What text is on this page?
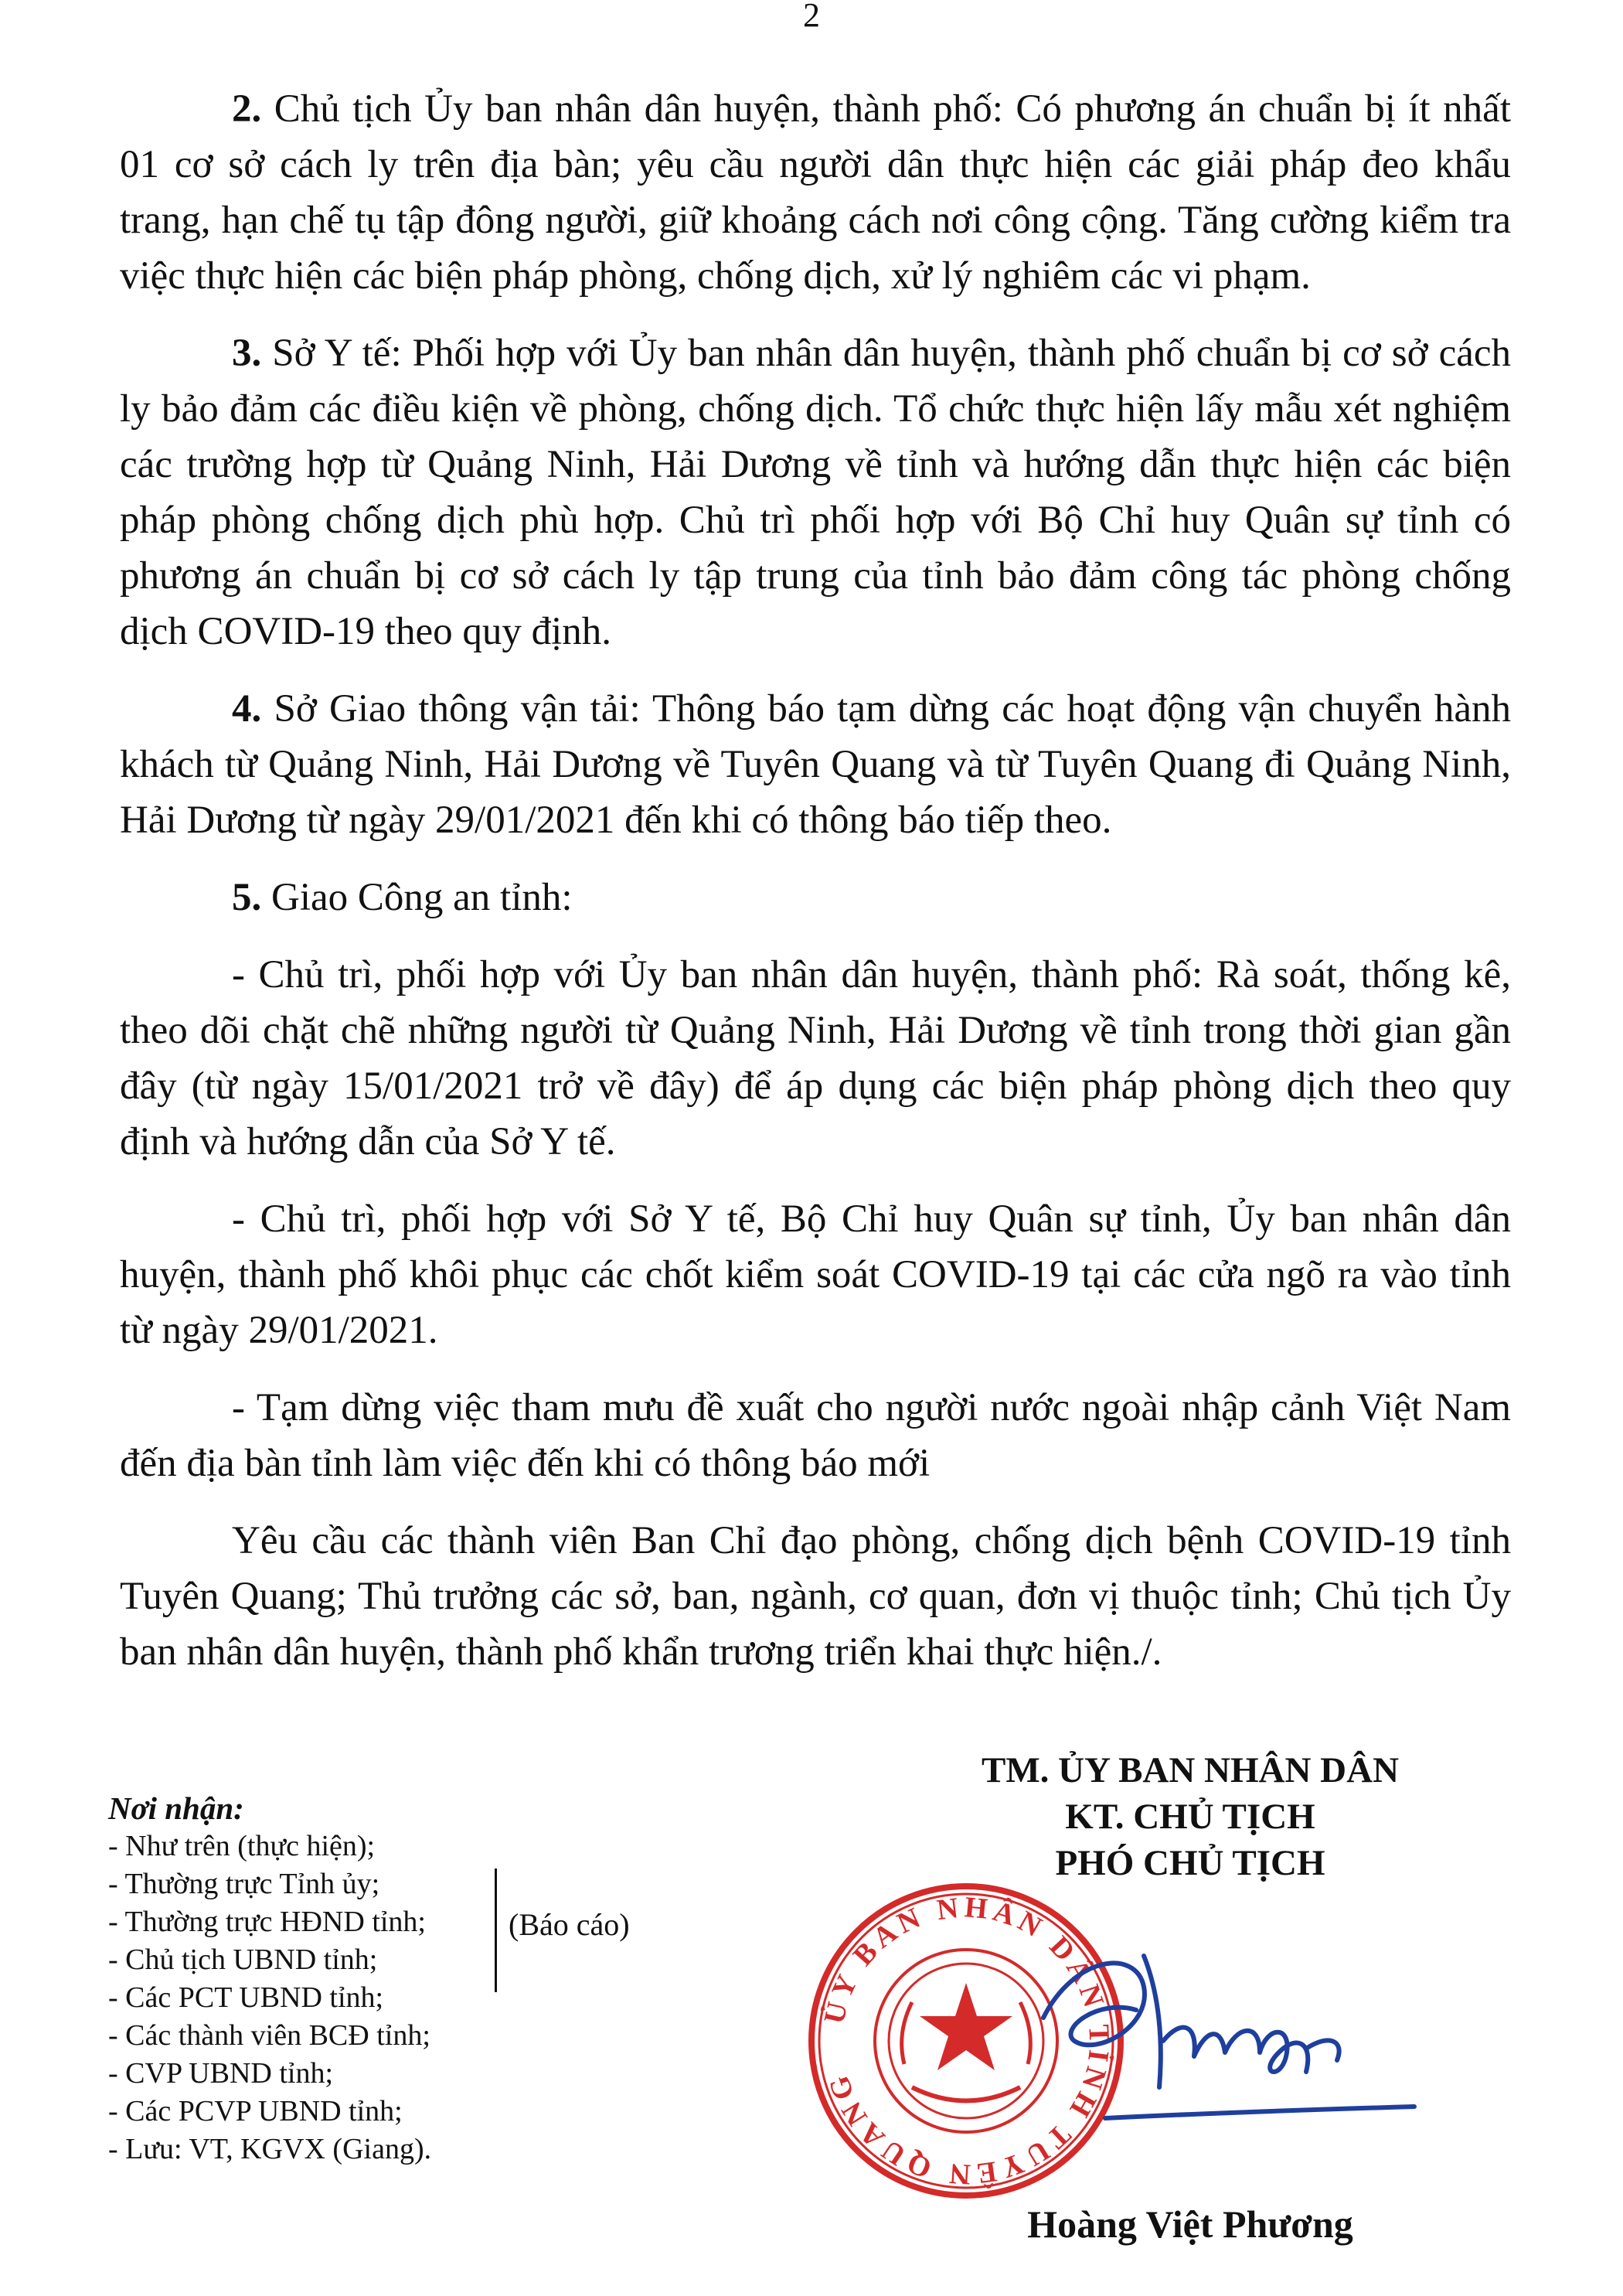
2

2. Chủ tịch Ủy ban nhân dân huyện, thành phố: Có phương án chuẩn bị ít nhất 01 cơ sở cách ly trên địa bàn; yêu cầu người dân thực hiện các giải pháp đeo khẩu trang, hạn chế tụ tập đông người, giữ khoảng cách nơi công cộng. Tăng cường kiểm tra việc thực hiện các biện pháp phòng, chống dịch, xử lý nghiêm các vi phạm.

3. Sở Y tế: Phối hợp với Ủy ban nhân dân huyện, thành phố chuẩn bị cơ sở cách ly bảo đảm các điều kiện về phòng, chống dịch. Tổ chức thực hiện lấy mẫu xét nghiệm các trường hợp từ Quảng Ninh, Hải Dương về tỉnh và hướng dẫn thực hiện các biện pháp phòng chống dịch phù hợp. Chủ trì phối hợp với Bộ Chỉ huy Quân sự tỉnh có phương án chuẩn bị cơ sở cách ly tập trung của tỉnh bảo đảm công tác phòng chống dịch COVID-19 theo quy định.

4. Sở Giao thông vận tải: Thông báo tạm dừng các hoạt động vận chuyển hành khách từ Quảng Ninh, Hải Dương về Tuyên Quang và từ Tuyên Quang đi Quảng Ninh, Hải Dương từ ngày 29/01/2021 đến khi có thông báo tiếp theo.

5. Giao Công an tỉnh:

- Chủ trì, phối hợp với Ủy ban nhân dân huyện, thành phố: Rà soát, thống kê, theo dõi chặt chẽ những người từ Quảng Ninh, Hải Dương về tỉnh trong thời gian gần đây (từ ngày 15/01/2021 trở về đây) để áp dụng các biện pháp phòng dịch theo quy định và hướng dẫn của Sở Y tế.

- Chủ trì, phối hợp với Sở Y tế, Bộ Chỉ huy Quân sự tỉnh, Ủy ban nhân dân huyện, thành phố khôi phục các chốt kiểm soát COVID-19 tại các cửa ngõ ra vào tỉnh từ ngày 29/01/2021.

- Tạm dừng việc tham mưu đề xuất cho người nước ngoài nhập cảnh Việt Nam đến địa bàn tỉnh làm việc đến khi có thông báo mới

Yêu cầu các thành viên Ban Chỉ đạo phòng, chống dịch bệnh COVID-19 tỉnh Tuyên Quang; Thủ trưởng các sở, ban, ngành, cơ quan, đơn vị thuộc tỉnh; Chủ tịch Ủy ban nhân dân huyện, thành phố khẩn trương triển khai thực hiện./.

Nơi nhận:
- Như trên (thực hiện);
- Thường trực Tỉnh ủy;
- Thường trực HĐND tỉnh;
- Chủ tịch UBND tỉnh;
- Các PCT UBND tỉnh;
- Các thành viên BCĐ tỉnh;
- CVP UBND tỉnh;
- Các PCVP UBND tỉnh;
- Lưu: VT, KGVX (Giang).
(Báo cáo)
TM. ỦY BAN NHÂN DÂN
KT. CHỦ TỊCH
PHÓ CHỦ TỊCH
ỦY BAN NHÂN DÂN TỈNH TUYÊN QUANG
Hoàng Việt Phương
